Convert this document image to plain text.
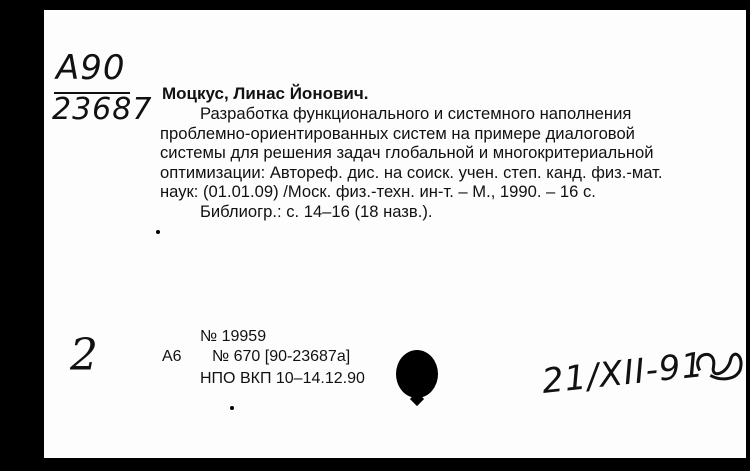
A90
23687 Моцкус, Линас Йонович.
Разработка функционального и системного наполнения
проблемно-ориентированных систем на примере диалоговой
системы для решения задач глобальной и многокритериальной
оптимизации: Автореф. дис. на соиск. учен. степ. канд. физ.-мат.
наук: (01.01.09) /Моск. физ.-техн. ин-т. – М., 1990. – 16 с.
Библиогр.: с. 14–16 (18 назв.).
2	№ 19959
А6 № 670 [90-23687а]
НПО ВКП 10–14.12.90	21/XII-91
